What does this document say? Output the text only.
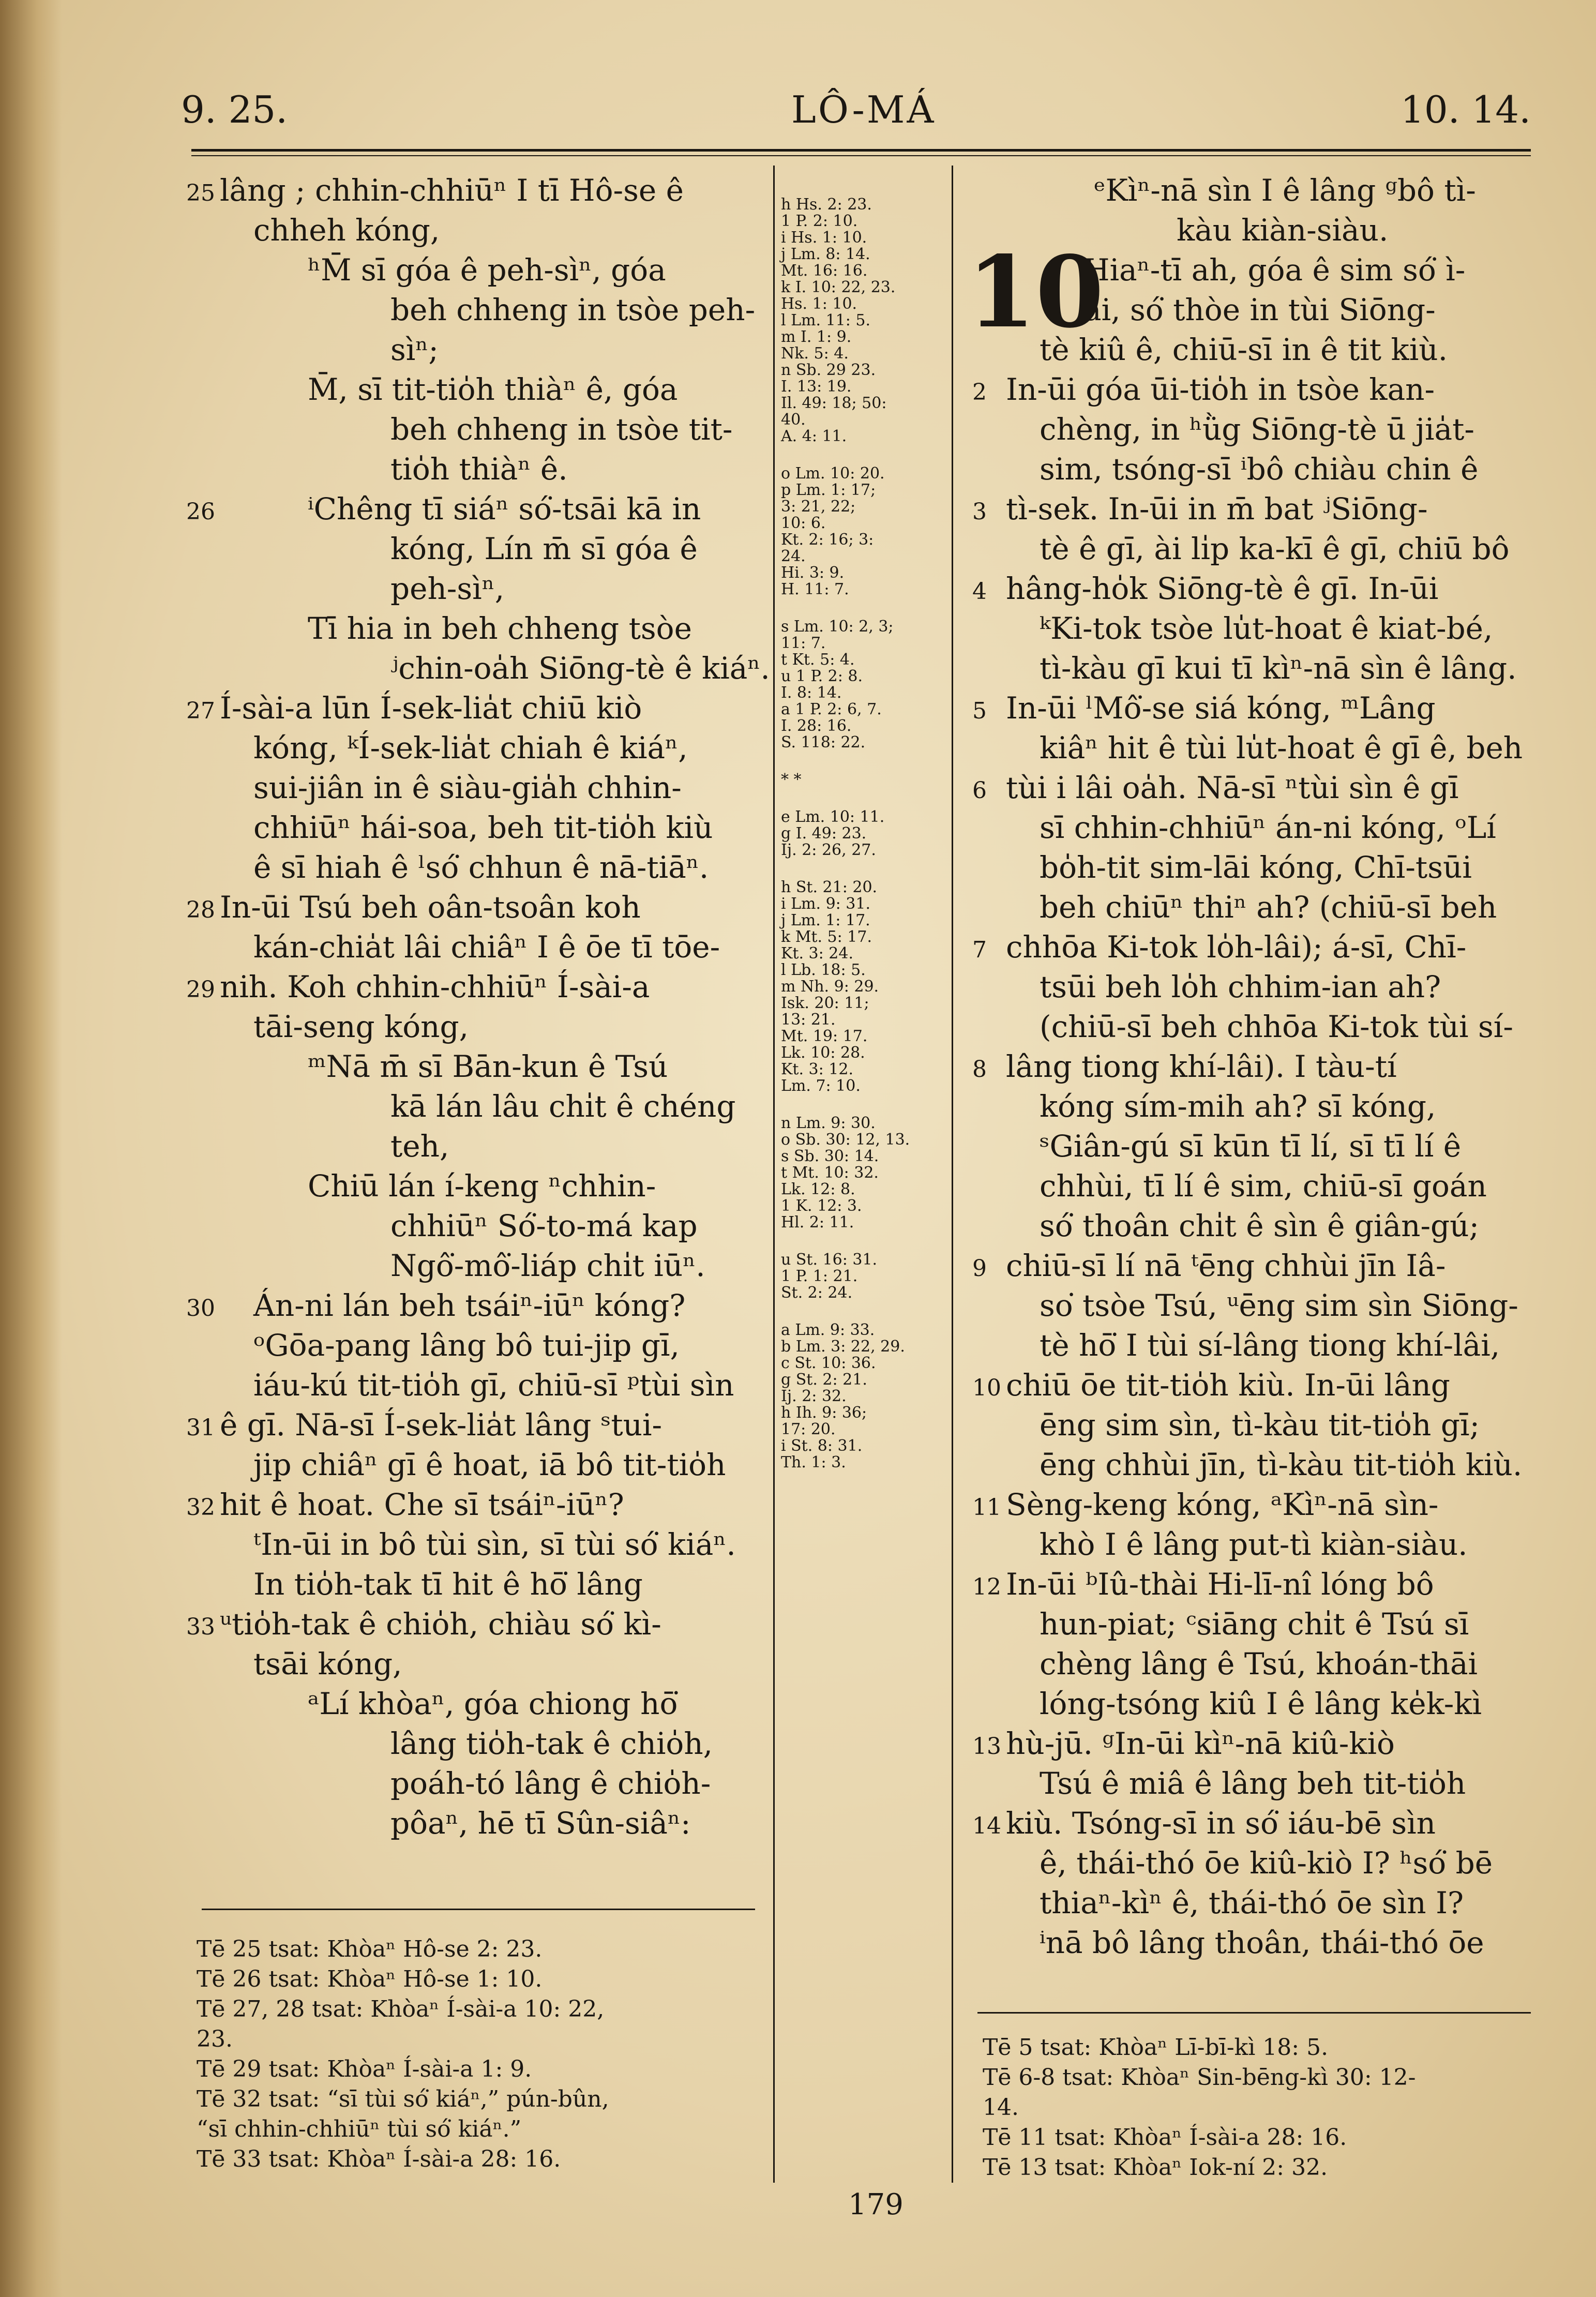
9. 25.	LÔ-MÁ	10. 14.
25 lâng ; chhin-chhiūⁿ I tī Hô-se ê
chheh kóng,
ʰM̄ sī góa ê peh-sìⁿ, góa
beh chheng in tsòe peh-
sìⁿ;
M̄, sī tit-tio̍h thiàⁿ ê, góa
beh chheng in tsòe tit-
tio̍h thiàⁿ ê.
26	ⁱChêng tī siáⁿ só͘-tsāi kā in
kóng, Lín m̄ sī góa ê
peh-sìⁿ,
Tī hia in beh chheng tsòe
ʲchin-oa̍h Siōng-tè ê kiáⁿ.
27 Í-sài-a lūn Í-sek-lia̍t chiū kiò
kóng, ᵏÍ-sek-lia̍t chiah ê kiáⁿ,
sui-jiân in ê siàu-gia̍h chhin-
chhiūⁿ hái-soa, beh tit-tio̍h kiù
ê sī hiah ê ˡsó͘ chhun ê nā-tiāⁿ.
28 In-ūi Tsú beh oân-tsoân koh
kán-chia̍t lâi chiâⁿ I ê ōe tī tōe-
29 nih. Koh chhin-chhiūⁿ Í-sài-a
tāi-seng kóng,
ᵐNā m̄ sī Bān-kun ê Tsú
kā lán lâu chi̍t ê chéng
teh,
Chiū lán í-keng ⁿchhin-
chhiūⁿ Só͘-to-má kap
Ngô͘-mô͘-liáp chi̍t iūⁿ.
30 Án-ni lán beh tsáiⁿ-iūⁿ kóng?
ᵒGōa-pang lâng bô tui-jip gī,
iáu-kú tit-tio̍h gī, chiū-sī ᵖtùi sìn
31 ê gī. Nā-sī Í-sek-lia̍t lâng ˢtui-
jip chiâⁿ gī ê hoat, iā bô tit-tio̍h
32 hit ê hoat. Che sī tsáiⁿ-iūⁿ?
ᵗIn-ūi in bô tùi sìn, sī tùi só͘ kiáⁿ.
In tio̍h-tak tī hit ê hō͘ lâng
33 ᵘtio̍h-tak ê chio̍h, chiàu só͘ kì-
tsāi kóng,
ᵃLí khòaⁿ, góa chiong hō͘
lâng tio̍h-tak ê chio̍h,
poáh-tó lâng ê chio̍h-
pôaⁿ, hē tī Sûn-siâⁿ:
h Hs. 2: 23.
1 P. 2: 10.
i Hs. 1: 10.
j Lm. 8: 14.
Mt. 16: 16.
k I. 10: 22, 23.
Hs. 1: 10.
l Lm. 11: 5.
m I. 1: 9.
Nk. 5: 4.
n Sb. 29 23.
I. 13: 19.
Il. 49: 18; 50:
40.
A. 4: 11.
o Lm. 10: 20.
p Lm. 1: 17;
3: 21, 22;
10: 6.
Kt. 2: 16; 3:
24.
Hi. 3: 9.
H. 11: 7.
s Lm. 10: 2, 3;
11: 7.
t Kt. 5: 4.
u 1 P. 2: 8.
I. 8: 14.
a 1 P. 2: 6, 7.
I. 28: 16.
S. 118: 22.
* *
e Lm. 10: 11.
g I. 49: 23.
Ij. 2: 26, 27.
h St. 21: 20.
i Lm. 9: 31.
j Lm. 1: 17.
k Mt. 5: 17.
Kt. 3: 24.
l Lb. 18: 5.
m Nh. 9: 29.
Isk. 20: 11;
13: 21.
Mt. 19: 17.
Lk. 10: 28.
Kt. 3: 12.
Lm. 7: 10.
n Lm. 9: 30.
o Sb. 30: 12, 13.
s Sb. 30: 14.
t Mt. 10: 32.
Lk. 12: 8.
1 K. 12: 3.
Hl. 2: 11.
u St. 16: 31.
1 P. 1: 21.
St. 2: 24.
a Lm. 9: 33.
b Lm. 3: 22, 29.
c St. 10: 36.
g St. 2: 21.
Ij. 2: 32.
h Ih. 9: 36;
17: 20.
i St. 8: 31.
Th. 1: 3.
ᵉKìⁿ-nā sìn I ê lâng ᵍbô tì-
kàu kiàn-siàu.
Hiaⁿ-tī ah, góa ê sim só͘ ì-
ài, só͘ thòe in tùi Siōng-
tè kiû ê, chiū-sī in ê tit kiù.
2 In-ūi góa ūi-tio̍h in tsòe kan-
chèng, in ʰǜg Siōng-tè ū jia̍t-
sim, tsóng-sī ⁱbô chiàu chin ê
3 tì-sek. In-ūi in m̄ bat ʲSiōng-
tè ê gī, ài li̍p ka-kī ê gī, chiū bô
4 hâng-ho̍k Siōng-tè ê gī. In-ūi
ᵏKi-tok tsòe lu̍t-hoat ê kiat-bé,
tì-kàu gī kui tī kìⁿ-nā sìn ê lâng.
5 In-ūi ˡMô͘-se siá kóng, ᵐLâng
kiâⁿ hit ê tùi lu̍t-hoat ê gī ê, beh
6 tùi i lâi oa̍h. Nā-sī ⁿtùi sìn ê gī
sī chhin-chhiūⁿ án-ni kóng, ᵒLí
bo̍h-tit sim-lāi kóng, Chī-tsūi
beh chiūⁿ thiⁿ ah? (chiū-sī beh
7 chhōa Ki-tok lo̍h-lâi); á-sī, Chī-
tsūi beh lo̍h chhim-ian ah?
(chiū-sī beh chhōa Ki-tok tùi sí-
8 lâng tiong khí-lâi). I tàu-tí
kóng sím-mih ah? sī kóng,
ˢGiân-gú sī kūn tī lí, sī tī lí ê
chhùi, tī lí ê sim, chiū-sī goán
só͘ thoân chi̍t ê sìn ê giân-gú;
9 chiū-sī lí nā ᵗēng chhùi jīn Iâ-
so͘ tsòe Tsú, ᵘēng sim sìn Siōng-
tè hō͘ I tùi sí-lâng tiong khí-lâi,
10 chiū ōe tit-tio̍h kiù. In-ūi lâng
ēng sim sìn, tì-kàu tit-tio̍h gī;
ēng chhùi jīn, tì-kàu tit-tio̍h kiù.
11 Sèng-keng kóng, ᵃKìⁿ-nā sìn-
khò I ê lâng put-tì kiàn-siàu.
12 In-ūi ᵇIû-thài Hi-lī-nî lóng bô
hun-piat; ᶜsiāng chi̍t ê Tsú sī
chèng lâng ê Tsú, khoán-thāi
lóng-tsóng kiû I ê lâng ke̍k-kì
13 hù-jū. ᵍIn-ūi kìⁿ-nā kiû-kiò
Tsú ê miâ ê lâng beh tit-tio̍h
14 kiù. Tsóng-sī in só͘ iáu-bē sìn
ê, thái-thó ōe kiû-kiò I? ʰsó͘ bē
thiaⁿ-kìⁿ ê, thái-thó ōe sìn I?
ⁱnā bô lâng thoân, thái-thó ōe
10
Tē 25 tsat: Khòaⁿ Hô-se 2: 23.
Tē 26 tsat: Khòaⁿ Hô-se 1: 10.
Tē 27, 28 tsat: Khòaⁿ Í-sài-a 10: 22,
23.
Tē 29 tsat: Khòaⁿ Í-sài-a 1: 9.
Tē 32 tsat: “sī tùi só͘ kiáⁿ,” pún-bûn,
“sī chhin-chhiūⁿ tùi só͘ kiáⁿ.”
Tē 33 tsat: Khòaⁿ Í-sài-a 28: 16.
Tē 5 tsat: Khòaⁿ Lī-bī-kì 18: 5.
Tē 6-8 tsat: Khòaⁿ Sin-bēng-kì 30: 12-
14.
Tē 11 tsat: Khòaⁿ Í-sài-a 28: 16.
Tē 13 tsat: Khòaⁿ Iok-ní 2: 32.
179
